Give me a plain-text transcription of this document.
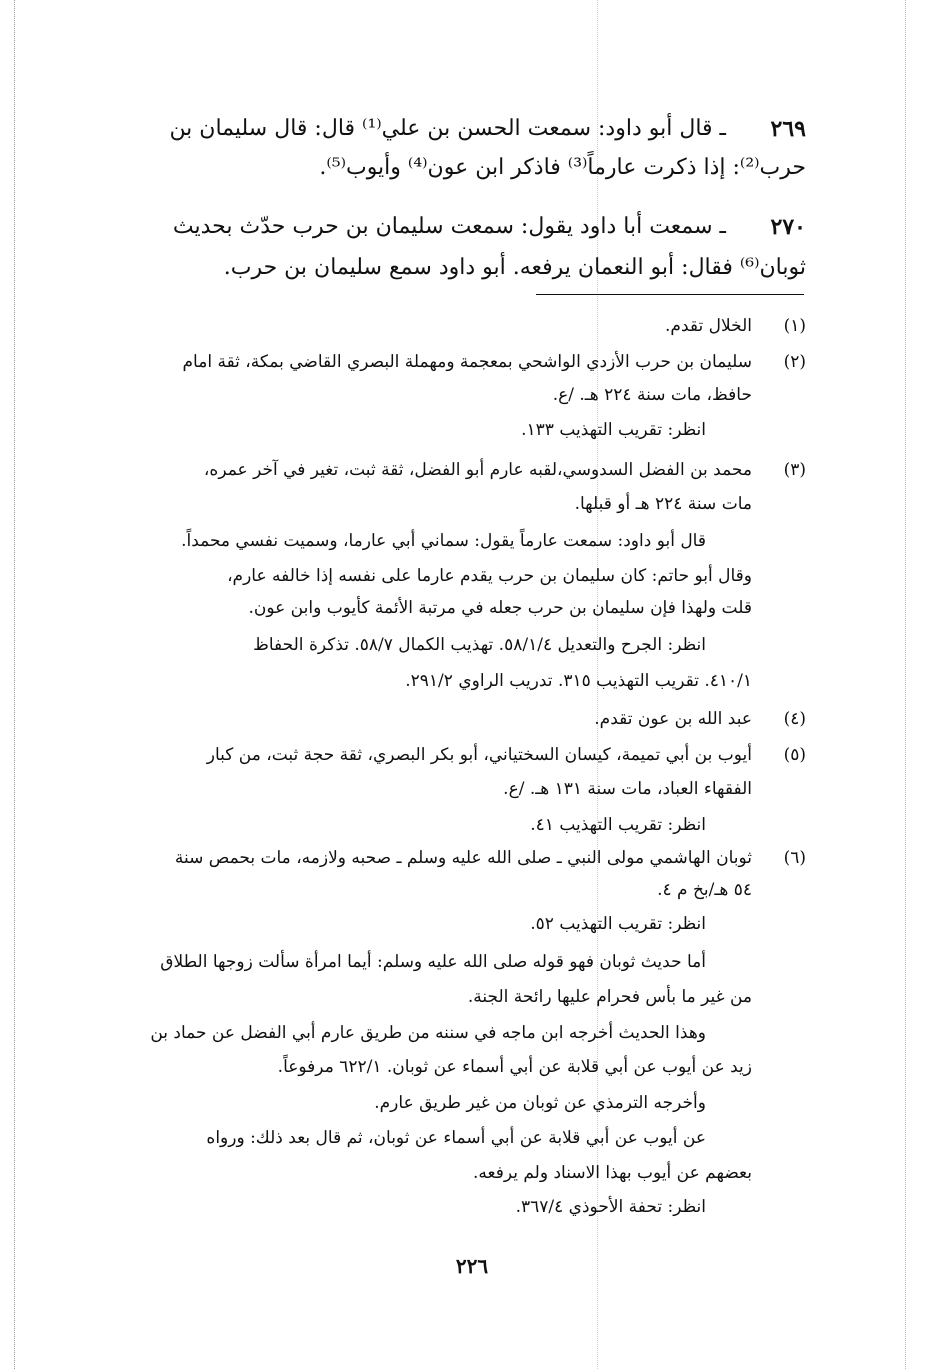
٢٦٩
ـ قال أبو داود: سمعت الحسن بن علي⁽¹⁾ قال: قال سليمان بن
حرب⁽²⁾: إذا ذكرت عارماً⁽³⁾ فاذكر ابن عون⁽⁴⁾ وأيوب⁽⁵⁾.
٢٧٠
ـ سمعت أبا داود يقول: سمعت سليمان بن حرب حدّث بحديث
ثوبان⁽⁶⁾ فقال: أبو النعمان يرفعه. أبو داود سمع سليمان بن حرب.
(١)
الخلال تقدم.
(٢)
سليمان بن حرب الأزدي الواشحي بمعجمة ومهملة البصري القاضي بمكة، ثقة امام
حافظ، مات سنة ٢٢٤ هـ. /ع.
انظر: تقريب التهذيب ١٣٣.
(٣)
محمد بن الفضل السدوسي،لقبه عارم أبو الفضل، ثقة ثبت، تغير في آخر عمره،
مات سنة ٢٢٤ هـ أو قبلها.
قال أبو داود: سمعت عارماً يقول: سماني أبي عارما، وسميت نفسي محمداً.
وقال أبو حاتم: كان سليمان بن حرب يقدم عارما على نفسه إذا خالفه عارم،
قلت ولهذا فإن سليمان بن حرب جعله في مرتبة الأئمة كأيوب وابن عون.
انظر: الجرح والتعديل ٥٨/١/٤. تهذيب الكمال ٥٨/٧. تذكرة الحفاظ
٤١٠/١. تقريب التهذيب ٣١٥. تدريب الراوي ٢٩١/٢.
(٤)
عبد الله بن عون تقدم.
(٥)
أيوب بن أبي تميمة، كيسان السختياني، أبو بكر البصري، ثقة حجة ثبت، من كبار
الفقهاء العباد، مات سنة ١٣١ هـ. /ع.
انظر: تقريب التهذيب ٤١.
(٦)
ثوبان الهاشمي مولى النبي ـ صلى الله عليه وسلم ـ صحبه ولازمه، مات بحمص سنة
٥٤ هـ/بخ م ٤.
انظر: تقريب التهذيب ٥٢.
أما حديث ثوبان فهو قوله صلى الله عليه وسلم: أيما امرأة سألت زوجها الطلاق
من غير ما بأس فحرام عليها رائحة الجنة.
وهذا الحديث أخرجه ابن ماجه في سننه من طريق عارم أبي الفضل عن حماد بن
زيد عن أيوب عن أبي قلابة عن أبي أسماء عن ثوبان. ٦٢٢/١ مرفوعاً.
وأخرجه الترمذي عن ثوبان من غير طريق عارم.
عن أيوب عن أبي قلابة عن أبي أسماء عن ثوبان، ثم قال بعد ذلك: ورواه
بعضهم عن أيوب بهذا الاسناد ولم يرفعه.
انظر: تحفة الأحوذي ٣٦٧/٤.
٢٢٦
